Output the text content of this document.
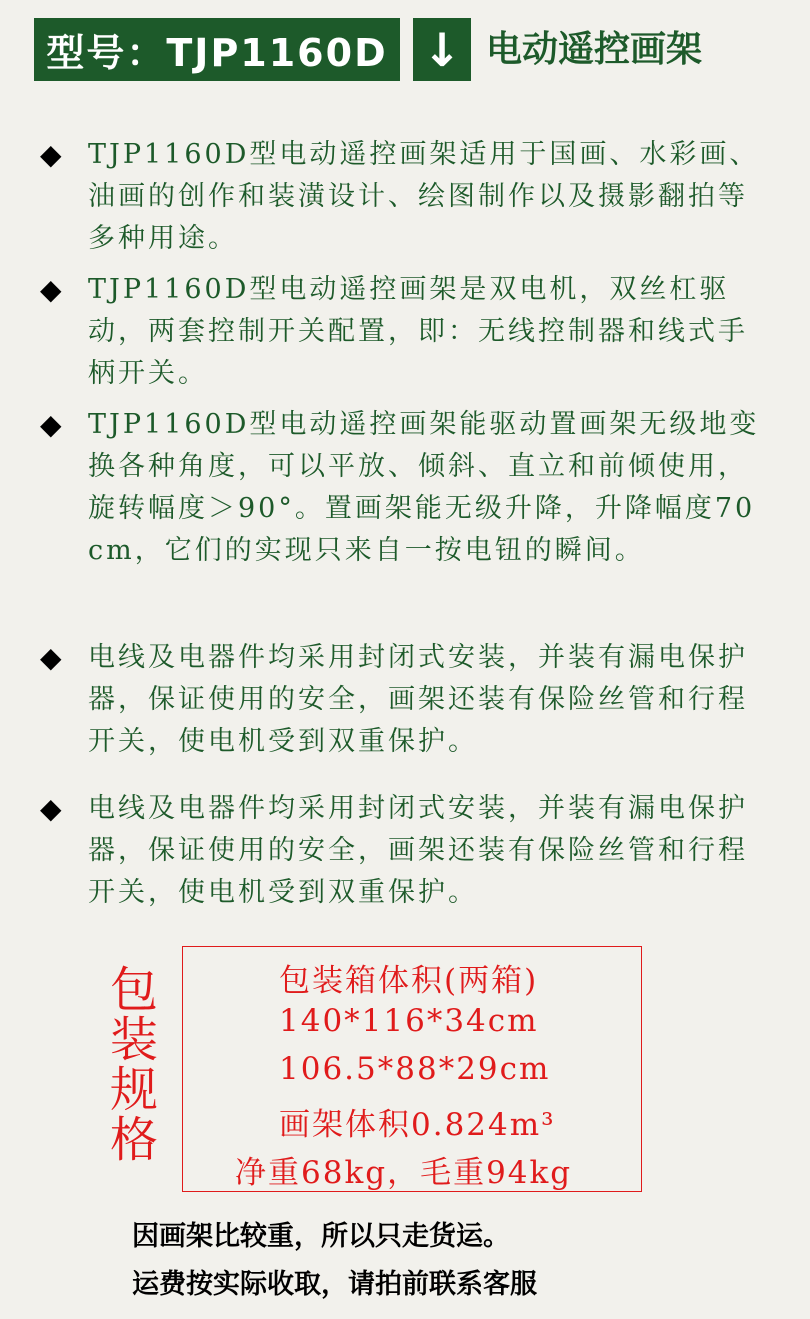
型号：TJP1160D ↓ 电动遥控画架
◆ TJP1160D型电动遥控画架适用于国画、水彩画、油画的创作和装潢设计、绘图制作以及摄影翻拍等多种用途。
◆ TJP1160D型电动遥控画架是双电机，双丝杠驱动，两套控制开关配置，即：无线控制器和线式手柄开关。
◆ TJP1160D型电动遥控画架能驱动置画架无级地变换各种角度，可以平放、倾斜、直立和前倾使用，旋转幅度＞90°。置画架能无级升降，升降幅度70cm，它们的实现只来自一按电钮的瞬间。
◆ 电线及电器件均采用封闭式安装，并装有漏电保护器，保证使用的安全，画架还装有保险丝管和行程开关，使电机受到双重保护。
◆ 电线及电器件均采用封闭式安装，并装有漏电保护器，保证使用的安全，画架还装有保险丝管和行程开关，使电机受到双重保护。
包装规格
包装箱体积(两箱)
140*116*34cm
106.5*88*29cm
画架体积0.824m³
净重68kg，毛重94kg
因画架比较重，所以只走货运。
运费按实际收取，请拍前联系客服
